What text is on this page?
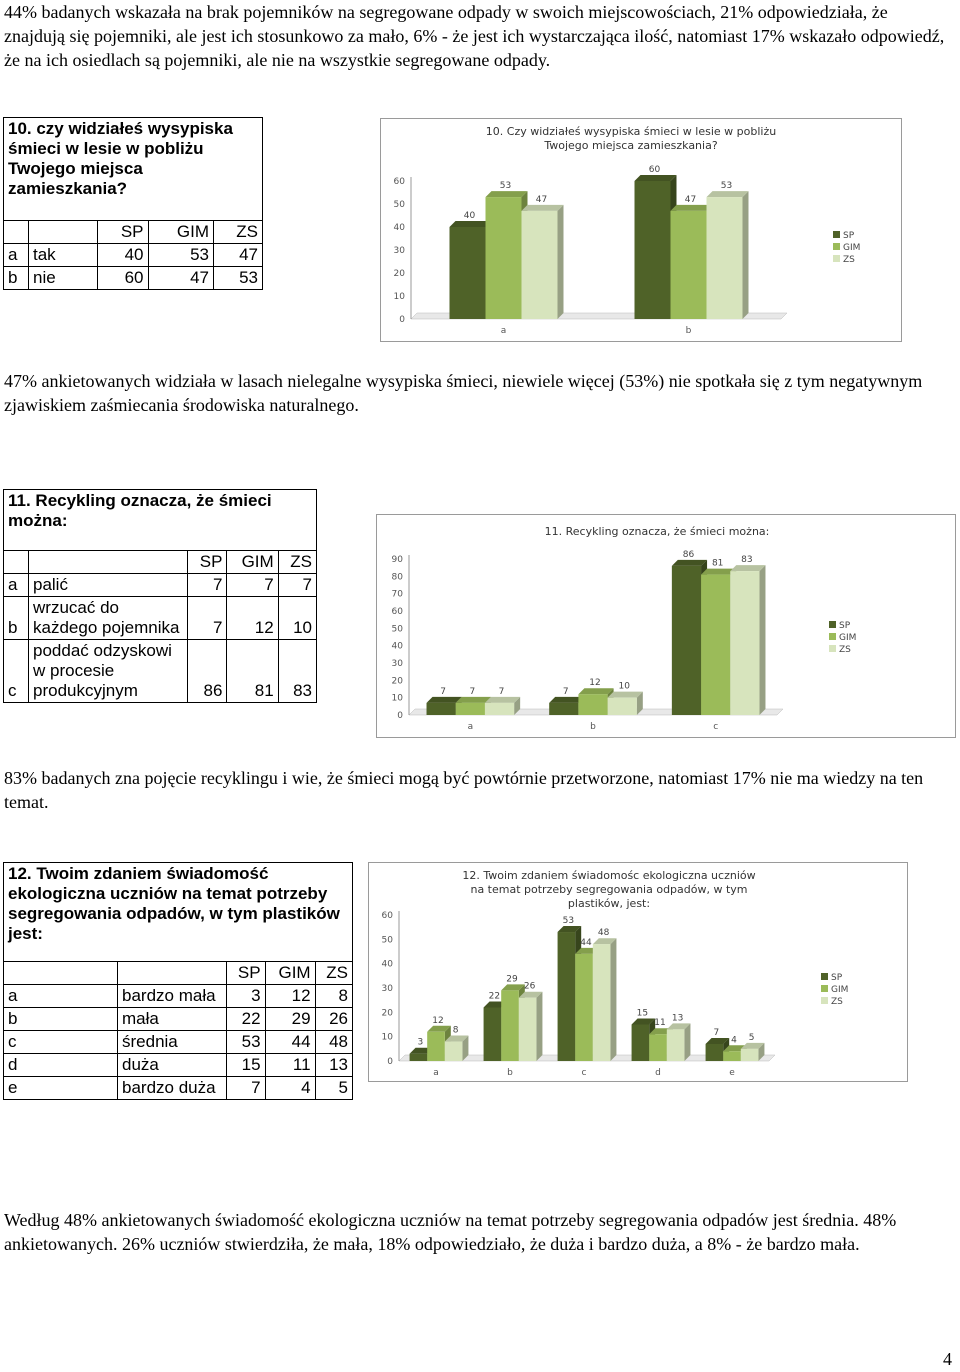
44% badanych wskazała na brak pojemników na segregowane odpady w swoich miejscowościach, 21% odpowiedziała, że znajdują się pojemniki, ale jest ich stosunkowo za mało, 6% - że jest ich wystarczająca ilość, natomiast 17% wskazało odpowiedź, że na ich osiedlach są pojemniki, ale nie na wszystkie segregowane odpady.
10. czy widziałeś wysypiska śmieci w lesie w pobliżu Twojego miejsca zamieszkania?				
		SP	GIM	ZS
a	tak	40	53	47
b	nie	60	47	53
10. Czy widziałeś wysypiska śmieci w lesie w pobliżu Twojego miejsca zamieszkania?
0
10
20
30
40
50
60
40
53
47
a
60
47
53
b
SP
GIM
ZS
47% ankietowanych widziała w lasach nielegalne wysypiska śmieci, niewiele więcej (53%) nie spotkała się z tym negatywnym zjawiskiem zaśmiecania środowiska naturalnego.
11. Recykling oznacza, że śmieci można:				
		SP	GIM	ZS
a	palić	7	7	7
b	wrzucać do każdego pojemnika	7	12	10
c	poddać odzyskowi w procesie produkcyjnym	86	81	83
11. Recykling oznacza, że śmieci można:
0
10
20
30
40
50
60
70
80
90
7	7	7
a
7
12 10
b
86
81 83
c
SP
GIM
ZS
83% badanych zna pojęcie recyklingu i wie, że śmieci mogą być powtórnie przetworzone, natomiast 17% nie ma wiedzy na ten temat.
12. Twoim zdaniem świadomość ekologiczna uczniów na temat potrzeby segregowania odpadów, w tym plastików jest:				
		SP	GIM	ZS
a	bardzo mała	3	12	8
b	mała	22	29	26
c	średnia	53	44	48
d	duża	15	11	13
e	bardzo duża	7	4	5
12. Twoim zdaniem świadomośc ekologiczna uczniów na temat potrzeby segregowania odpadów, w tym plastików, jest:
0
10
20
30
40
50
60
3
12
8
a
22
29
26
b
53
44
48
c
15
11 13
d
7
4 5
e
SP
GIM
ZS
Według 48% ankietowanych świadomość ekologiczna uczniów na temat potrzeby segregowania odpadów jest średnia. 48% ankietowanych. 26% uczniów stwierdziła, że mała, 18% odpowiedziało, że duża i bardzo duża, a 8% - że bardzo mała.
4
